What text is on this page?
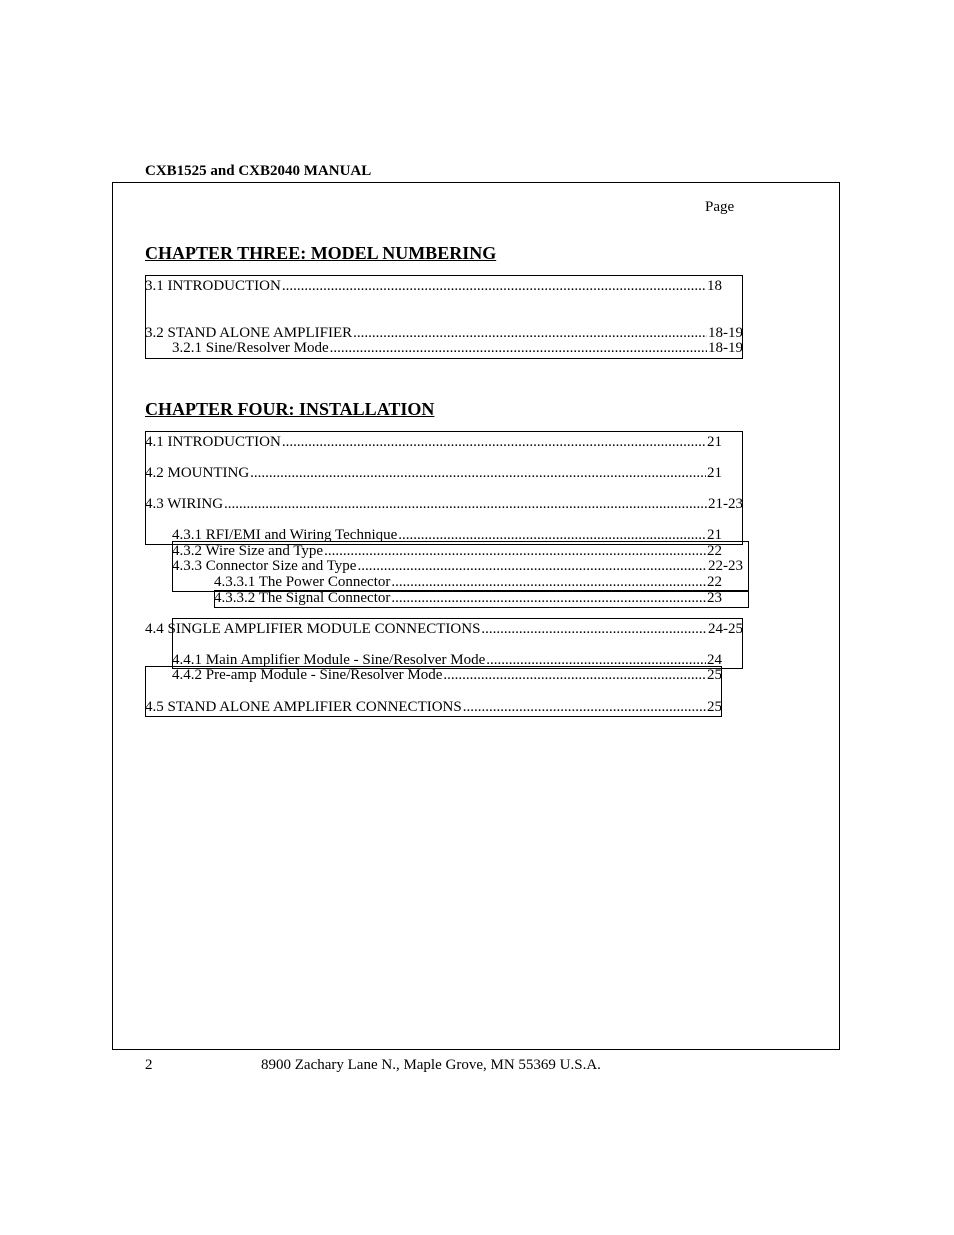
CXB1525 and CXB2040 MANUAL
Page
CHAPTER THREE: MODEL NUMBERING
3.1 INTRODUCTION .....	18
3.2 STAND ALONE AMPLIFIER .....	18-19
3.2.1 Sine/Resolver Mode .....	18-19
CHAPTER FOUR: INSTALLATION
4.1 INTRODUCTION .....	21
4.2 MOUNTING .....	21
4.3 WIRING .....	21-23
4.3.1 RFI/EMI and Wiring Technique .....	21
4.3.2 Wire Size and Type .....	22
4.3.3 Connector Size and Type .....	22-23
4.3.3.1 The Power Connector .....	22
4.3.3.2 The Signal Connector .....	23
4.4 SINGLE AMPLIFIER MODULE CONNECTIONS .....	24-25
4.4.1 Main Amplifier Module - Sine/Resolver Mode .....	24
4.4.2 Pre-amp Module - Sine/Resolver Mode .....	25
4.5 STAND ALONE AMPLIFIER CONNECTIONS .....	25
2	8900 Zachary Lane N., Maple Grove, MN 55369 U.S.A.
